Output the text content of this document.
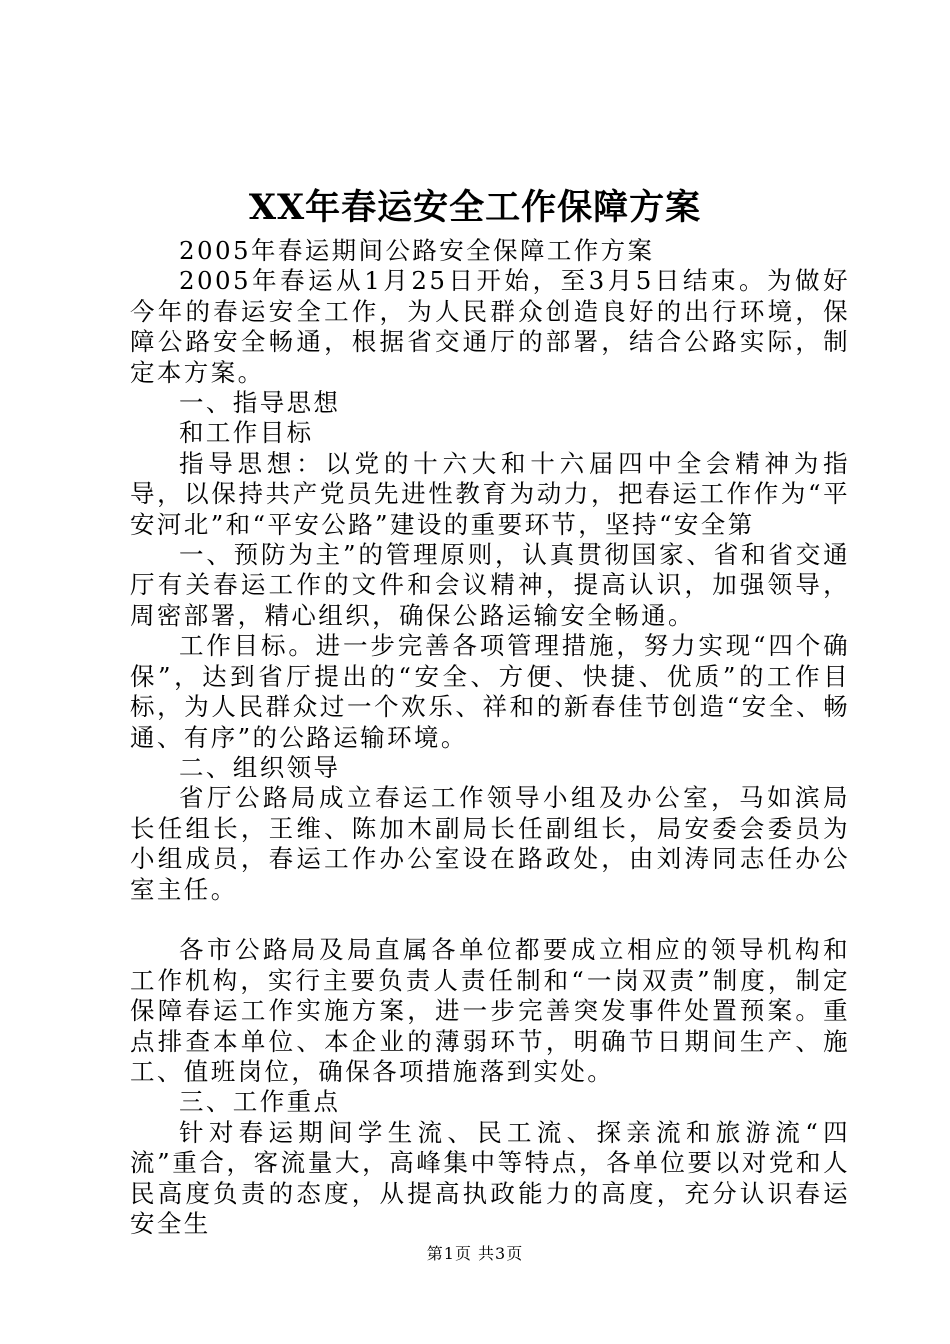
XX年春运安全工作保障方案

2005年春运期间公路安全保障工作方案

2005年春运从1月25日开始，至3月5日结束。为做好今年的春运安全工作，为人民群众创造良好的出行环境，保障公路安全畅通，根据省交通厅的部署，结合公路实际，制定本方案。

一、指导思想

和工作目标

指导思想：以党的十六大和十六届四中全会精神为指导，以保持共产党员先进性教育为动力，把春运工作作为“平安河北”和“平安公路”建设的重要环节，坚持“安全第

一、预防为主”的管理原则，认真贯彻国家、省和省交通厅有关春运工作的文件和会议精神，提高认识，加强领导，周密部署，精心组织，确保公路运输安全畅通。

工作目标。进一步完善各项管理措施，努力实现“四个确保”，达到省厅提出的“安全、方便、快捷、优质”的工作目标，为人民群众过一个欢乐、祥和的新春佳节创造“安全、畅通、有序”的公路运输环境。

二、组织领导

省厅公路局成立春运工作领导小组及办公室，马如滨局长任组长，王维、陈加木副局长任副组长，局安委会委员为小组成员，春运工作办公室设在路政处，由刘涛同志任办公室主任。

各市公路局及局直属各单位都要成立相应的领导机构和工作机构，实行主要负责人责任制和“一岗双责”制度，制定保障春运工作实施方案，进一步完善突发事件处置预案。重点排查本单位、本企业的薄弱环节，明确节日期间生产、施工、值班岗位，确保各项措施落到实处。

三、工作重点

针对春运期间学生流、民工流、探亲流和旅游流“四流”重合，客流量大，高峰集中等特点，各单位要以对党和人民高度负责的态度，从提高执政能力的高度，充分认识春运安全生

第1页 共3页
